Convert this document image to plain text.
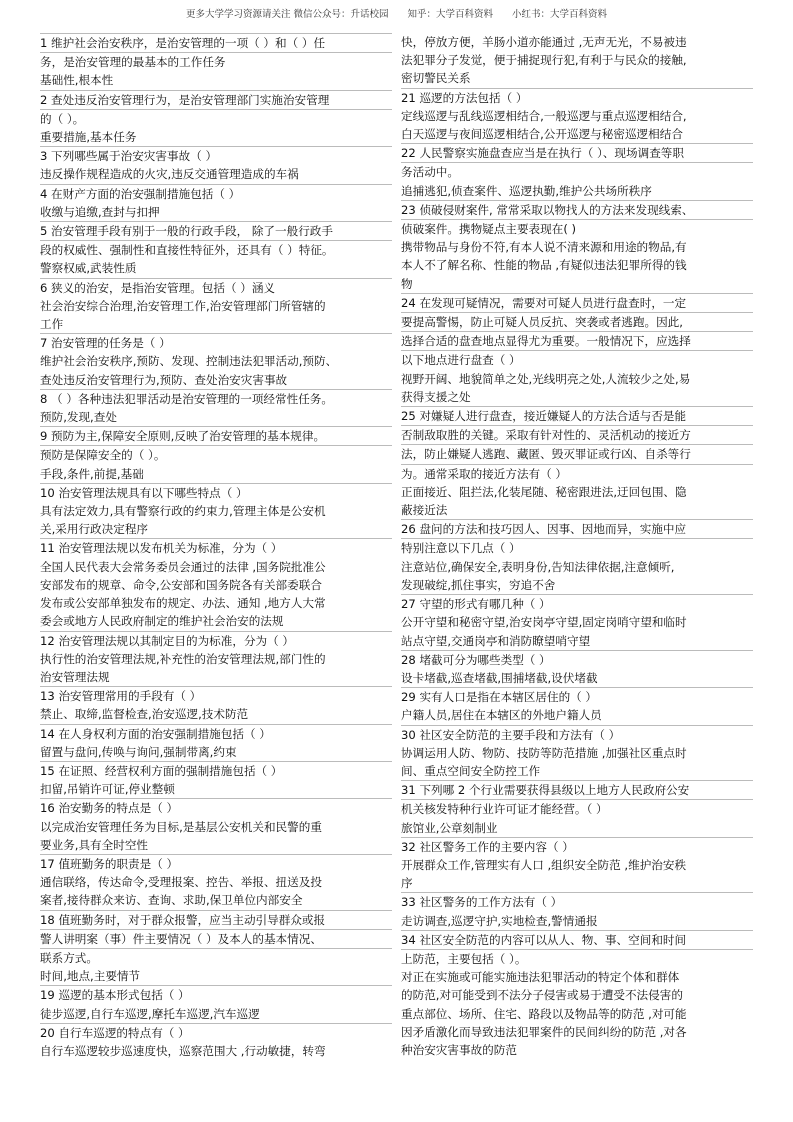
更多大学学习资源请关注 微信公众号：升话校园 知乎：大学百科资料 小红书：大学百科资料
1 维护社会治安秩序，是治安管理的一项（ ）和（ ）任
务，是治安管理的最基本的工作任务
基础性,根本性
2 查处违反治安管理行为，是治安管理部门实施治安管理
的（ ）。
重要措施,基本任务
3 下列哪些属于治安灾害事故（ ）
违反操作规程造成的火灾,违反交通管理造成的车祸
4 在财产方面的治安强制措施包括（ ）
收缴与追缴,查封与扣押
5 治安管理手段有别于一般的行政手段， 除了一般行政手
段的权威性、强制性和直接性特征外，还具有（ ）特征。
警察权威,武装性质
6 狭义的治安，是指治安管理。包括（ ）涵义
社会治安综合治理,治安管理工作,治安管理部门所管辖的
工作
7 治安管理的任务是（ ）
维护社会治安秩序,预防、发现、控制违法犯罪活动,预防、
查处违反治安管理行为,预防、查处治安灾害事故
8 （ ）各种违法犯罪活动是治安管理的一项经常性任务。
预防,发现,查处
9 预防为主,保障安全原则,反映了治安管理的基本规律。
预防是保障安全的（ ）。
手段,条件,前提,基础
10 治安管理法规具有以下哪些特点（ ）
具有法定效力,具有警察行政的约束力,管理主体是公安机
关,采用行政决定程序
11 治安管理法规以发布机关为标准，分为（ ）
全国人民代表大会常务委员会通过的法律 ,国务院批准公
安部发布的规章、命令,公安部和国务院各有关部委联合
发布或公安部单独发布的规定、办法、通知 ,地方人大常
委会或地方人民政府制定的维护社会治安的法规
12 治安管理法规以其制定目的为标准，分为（ ）
执行性的治安管理法规,补充性的治安管理法规,部门性的
治安管理法规
13 治安管理常用的手段有（ ）
禁止、取缔,监督检查,治安巡逻,技术防范
14 在人身权利方面的治安强制措施包括（ ）
留置与盘问,传唤与询问,强制带离,约束
15 在证照、经营权利方面的强制措施包括（ ）
扣留,吊销许可证,停业整顿
16 治安勤务的特点是（ ）
以完成治安管理任务为目标,是基层公安机关和民警的重
要业务,具有全时空性
17 值班勤务的职责是（ ）
通信联络，传达命令,受理报案、控告、举报、扭送及投
案者,接待群众来访、查询、求助,保卫单位内部安全
18 值班勤务时，对于群众报警，应当主动引导群众或报
警人讲明案（事）件主要情况（ ）及本人的基本情况、
联系方式。
时间,地点,主要情节
19 巡逻的基本形式包括（ ）
徒步巡逻,自行车巡逻,摩托车巡逻,汽车巡逻
20 自行车巡逻的特点有（ ）
自行车巡逻较步巡速度快，巡察范围大 ,行动敏捷，转弯
快，停放方便，羊肠小道亦能通过 ,无声无光，不易被违
法犯罪分子发觉，便于捕捉现行犯,有利于与民众的接触,
密切警民关系
21 巡逻的方法包括（ ）
定线巡逻与乱线巡逻相结合,一般巡逻与重点巡逻相结合,
白天巡逻与夜间巡逻相结合,公开巡逻与秘密巡逻相结合
22 人民警察实施盘查应当是在执行（ ）、现场调查等职
务活动中。
追捕逃犯,侦查案件、巡逻执勤,维护公共场所秩序
23 侦破侵财案件, 常常采取以物找人的方法来发现线索、
侦破案件。携物疑点主要表现在( )
携带物品与身份不符,有本人说不清来源和用途的物品,有
本人不了解名称、性能的物品 ,有疑似违法犯罪所得的钱
物
24 在发现可疑情况，需要对可疑人员进行盘查时，一定
要提高警惕，防止可疑人员反抗、突袭或者逃跑。因此,
选择合适的盘查地点显得尤为重要。一般情况下，应选择
以下地点进行盘查（ ）
视野开阔、地貌简单之处,光线明亮之处,人流较少之处,易
获得支援之处
25 对嫌疑人进行盘查，接近嫌疑人的方法合适与否是能
否制敌取胜的关键。采取有针对性的、灵活机动的接近方
法，防止嫌疑人逃跑、藏匿、毁灭罪证或行凶、自杀等行
为。通常采取的接近方法有（ ）
正面接近、阻拦法,化装尾随、秘密跟进法,迂回包围、隐
蔽接近法
26 盘问的方法和技巧因人、因事、因地而异，实施中应
特别注意以下几点（ ）
注意站位,确保安全,表明身份,告知法律依据,注意倾听,
发现破绽,抓住事实，穷追不舍
27 守望的形式有哪几种（ ）
公开守望和秘密守望,治安岗亭守望,固定岗哨守望和临时
站点守望,交通岗亭和消防瞭望哨守望
28 堵截可分为哪些类型（ ）
设卡堵截,巡查堵截,围捕堵截,设伏堵截
29 实有人口是指在本辖区居住的（ ）
户籍人员,居住在本辖区的外地户籍人员
30 社区安全防范的主要手段和方法有（ ）
协调运用人防、物防、技防等防范措施 ,加强社区重点时
间、重点空间安全防控工作
31 下列哪 2 个行业需要获得县级以上地方人民政府公安
机关核发特种行业许可证才能经营。（ ）
旅馆业,公章刻制业
32 社区警务工作的主要内容（ ）
开展群众工作,管理实有人口 ,组织安全防范 ,维护治安秩
序
33 社区警务的工作方法有（ ）
走访调查,巡逻守护,实地检查,警情通报
34 社区安全防范的内容可以从人、物、事、空间和时间
上防范，主要包括（ ）。
对正在实施或可能实施违法犯罪活动的特定个体和群体
的防范,对可能受到不法分子侵害或易于遭受不法侵害的
重点部位、场所、住宅、路段以及物品等的防范 ,对可能
因矛盾激化而导致违法犯罪案件的民间纠纷的防范 ,对各
种治安灾害事故的防范
